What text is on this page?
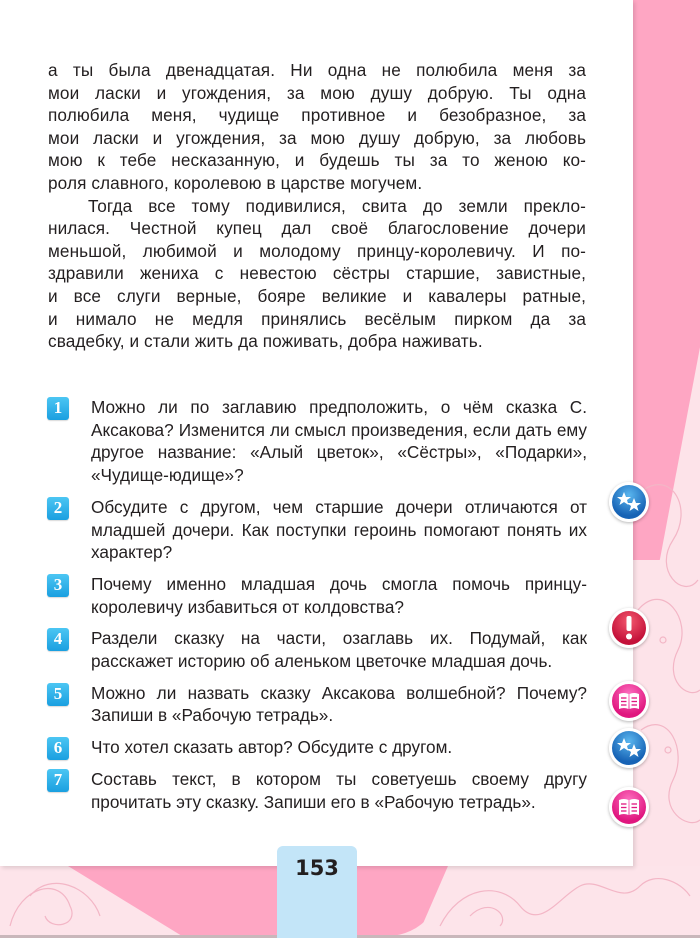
а ты была двенадцатая. Ни одна не полюбила меня за

мои ласки и угождения, за мою душу добрую. Ты одна

полюбила меня, чудище противное и безобразное, за

мои ласки и угождения, за мою душу добрую, за любовь

мою к тебе несказанную, и будешь ты за то женою ко-

роля славного, королевою в царстве могучем.

Тогда все тому подивилися, свита до земли прекло-

нилася. Честной купец дал своё благословение дочери

меньшой, любимой и молодому принцу-королевичу. И по-

здравили жениха с невестою сёстры старшие, завистные,

и все слуги верные, бояре великие и кавалеры ратные,

и нимало не медля принялись весёлым пирком да за

свадебку, и стали жить да поживать, добра наживать.

1	Можно ли по заглавию предположить, о чём сказка С. Аксакова? Изменится ли смысл произведения, если дать ему другое название: «Алый цветок», «Сёстры», «Подарки», «Чудище-юдище»?
2	Обсудите с другом, чем старшие дочери отличаются от младшей дочери. Как поступки героинь помогают понять их характер?
3	Почему именно младшая дочь смогла помочь принцу-королевичу избавиться от колдовства?
4	Раздели сказку на части, озаглавь их. Подумай, как расскажет историю об аленьком цветочке младшая дочь.
5	Можно ли назвать сказку Аксакова волшебной? Почему? Запиши в «Рабочую тетрадь».
6	Что хотел сказать автор? Обсудите с другом.
7	Составь текст, в котором ты советуешь своему другу прочитать эту сказку. Запиши его в «Рабочую тетрадь».
153
